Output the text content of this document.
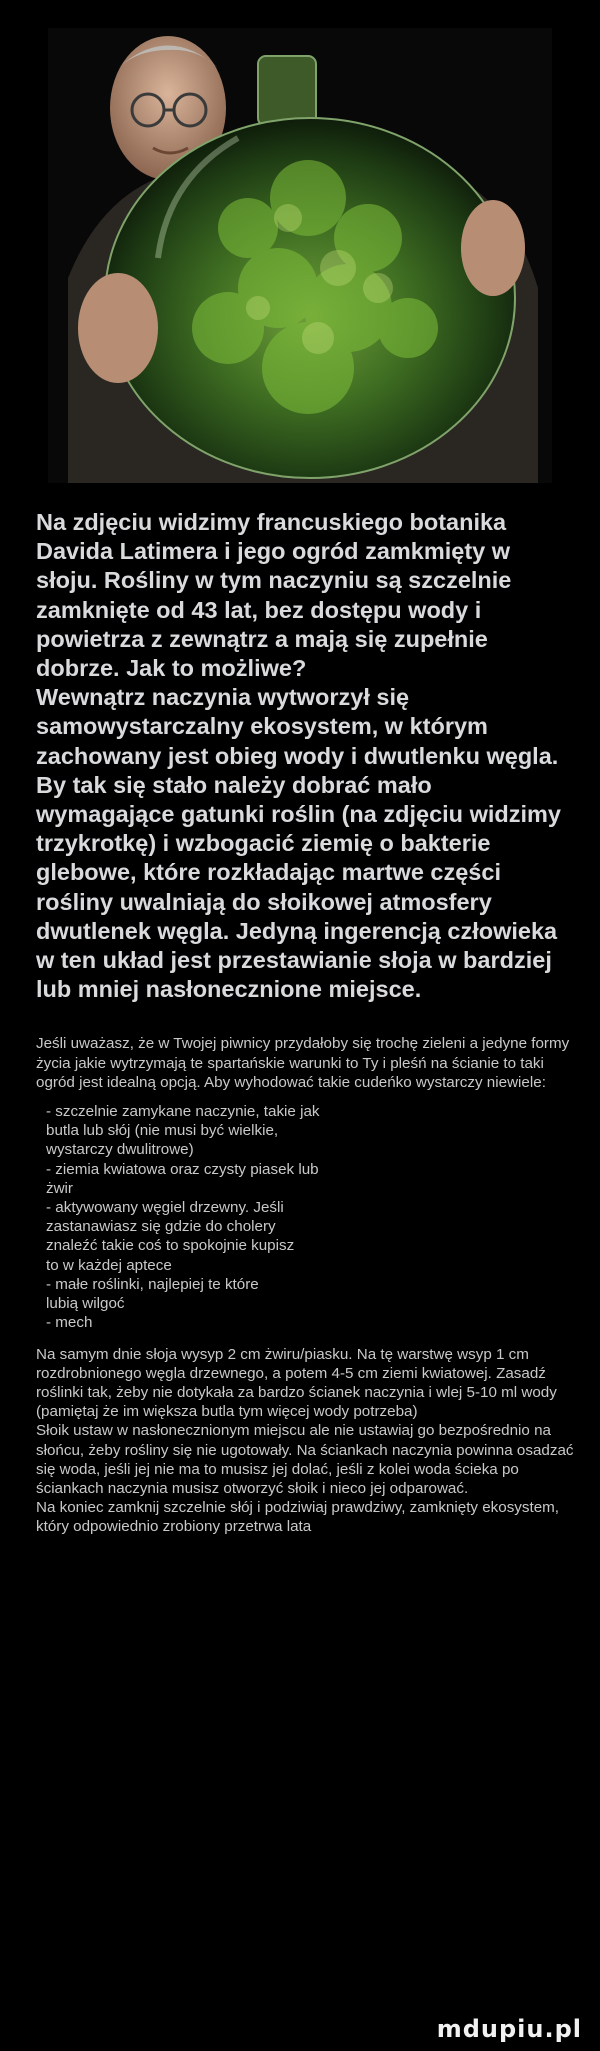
Na zdjęciu widzimy francuskiego botanika Davida Latimera i jego ogród zamkmięty w słoju. Rośliny w tym naczyniu są szczelnie zamknięte od 43 lat, bez dostępu wody i powietrza z zewnątrz a mają się zupełnie dobrze. Jak to możliwe?

Wewnątrz naczynia wytworzył się samowystarczalny ekosystem, w którym zachowany jest obieg wody i dwutlenku węgla. By tak się stało należy dobrać mało wymagające gatunki roślin (na zdjęciu widzimy trzykrotkę) i wzbogacić ziemię o bakterie glebowe, które rozkładając martwe części rośliny uwalniają do słoikowej atmosfery dwutlenek węgla. Jedyną ingerencją człowieka w ten układ jest przestawianie słoja w bardziej lub mniej nasłonecznione miejsce.

Jeśli uważasz, że w Twojej piwnicy przydałoby się trochę zieleni a jedyne formy życia jakie wytrzymają te spartańskie warunki to Ty i pleśń na ścianie to taki ogród jest idealną opcją. Aby wyhodować takie cudeńko wystarczy niewiele:

- szczelnie zamykane naczynie, takie jak
butla lub słój (nie musi być wielkie,
wystarczy dwulitrowe)
- ziemia kwiatowa oraz czysty piasek lub
żwir
- aktywowany węgiel drzewny. Jeśli
zastanawiasz się gdzie do cholery
znaleźć takie coś to spokojnie kupisz
to w każdej aptece
- małe roślinki, najlepiej te które
lubią wilgoć
- mech

Na samym dnie słoja wysyp 2 cm żwiru/piasku. Na tę warstwę wsyp 1 cm rozdrobnionego węgla drzewnego, a potem 4-5 cm ziemi kwiatowej. Zasadź roślinki tak, żeby nie dotykała za bardzo ścianek naczynia i wlej 5-10 ml wody (pamiętaj że im większa butla tym więcej wody potrzeba)

Słoik ustaw w nasłonecznionym miejscu ale nie ustawiaj go bezpośrednio na słońcu, żeby rośliny się nie ugotowały. Na ściankach naczynia powinna osadzać się woda, jeśli jej nie ma to musisz jej dolać, jeśli z kolei woda ścieka po ściankach naczynia musisz otworzyć słoik i nieco jej odparować.

Na koniec zamknij szczelnie słój i podziwiaj prawdziwy, zamknięty ekosystem, który odpowiednio zrobiony przetrwa lata

mdupiu.pl
